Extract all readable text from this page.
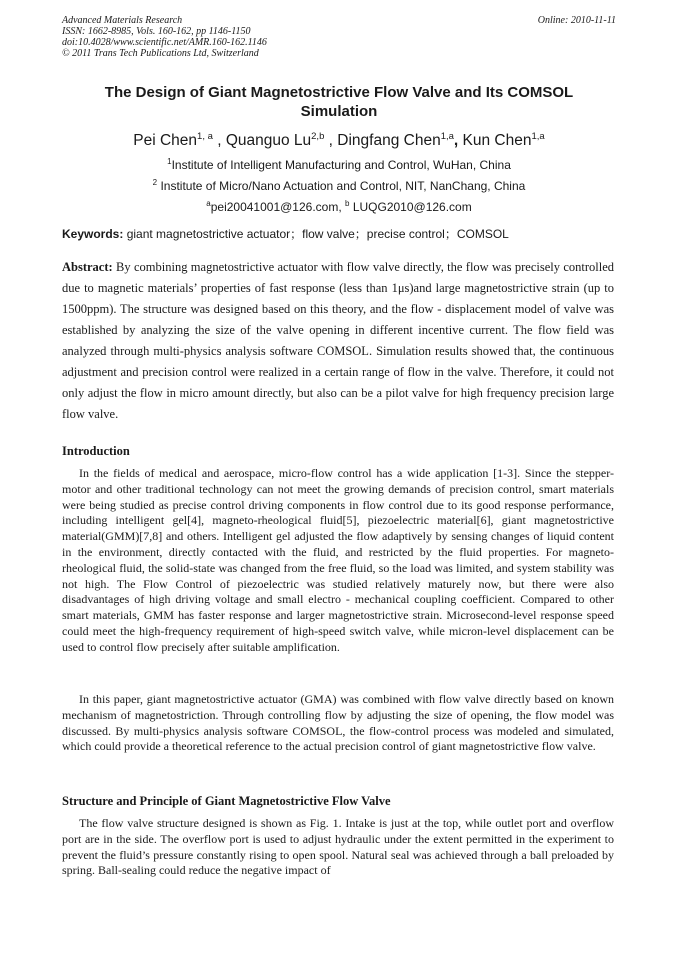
Advanced Materials Research
ISSN: 1662-8985, Vols. 160-162, pp 1146-1150
doi:10.4028/www.scientific.net/AMR.160-162.1146
© 2011 Trans Tech Publications Ltd, Switzerland
Online: 2010-11-11
The Design of Giant Magnetostrictive Flow Valve and Its COMSOL
Simulation
Pei Chen$^{1, a}$ , Quanguo Lu$^{2,b}$ , Dingfang Chen$^{1,a}$, Kun Chen$^{1,a}$
$^1$Institute of Intelligent Manufacturing and Control, WuHan, China
$^2$ Institute of Micro/Nano Actuation and Control, NIT, NanChang, China
$^a$pei20041001@126.com, $^b$ LUQG2010@126.com
Keywords: giant magnetostrictive actuator；flow valve；precise control；COMSOL
Abstract: By combining magnetostrictive actuator with flow valve directly, the flow was precisely controlled due to magnetic materials’ properties of fast response (less than 1μs)and large magnetostrictive strain (up to 1500ppm). The structure was designed based on this theory, and the flow - displacement model of valve was established by analyzing the size of the valve opening in different incentive current. The flow field was analyzed through multi-physics analysis software COMSOL. Simulation results showed that, the continuous adjustment and precision control were realized in a certain range of flow in the valve. Therefore, it could not only adjust the flow in micro amount directly, but also can be a pilot valve for high frequency precision large flow valve.
Introduction

In the fields of medical and aerospace, micro-flow control has a wide application [1-3]. Since the stepper-motor and other traditional technology can not meet the growing demands of precision control, smart materials were being studied as precise control driving components in flow control due to its good response performance, including intelligent gel[4], magneto-rheological fluid[5], piezoelectric material[6], giant magnetostrictive material(GMM)[7,8] and others. Intelligent gel adjusted the flow adaptively by sensing changes of liquid content in the environment, directly contacted with the fluid, and restricted by the fluid properties. For magneto-rheological fluid, the solid-state was changed from the free fluid, so the load was limited, and system stability was not high. The Flow Control of piezoelectric was studied relatively maturely now, but there were also disadvantages of high driving voltage and small electro - mechanical coupling coefficient. Compared to other smart materials, GMM has faster response and larger magnetostrictive strain. Microsecond-level response speed could meet the high-frequency requirement of high-speed switch valve, while micron-level displacement can be used to control flow precisely after suitable amplification.

In this paper, giant magnetostrictive actuator (GMA) was combined with flow valve directly based on known mechanism of magnetostriction. Through controlling flow by adjusting the size of opening, the flow model was discussed. By multi-physics analysis software COMSOL, the flow-control process was modeled and simulated, which could provide a theoretical reference to the actual precision control of giant magnetostrictive flow valve.

Structure and Principle of Giant Magnetostrictive Flow Valve

The flow valve structure designed is shown as Fig. 1. Intake is just at the top, while outlet port and overflow port are in the side. The overflow port is used to adjust hydraulic under the extent permitted in the experiment to prevent the fluid’s pressure constantly rising to open spool. Natural seal was achieved through a ball preloaded by spring. Ball-sealing could reduce the negative impact of
